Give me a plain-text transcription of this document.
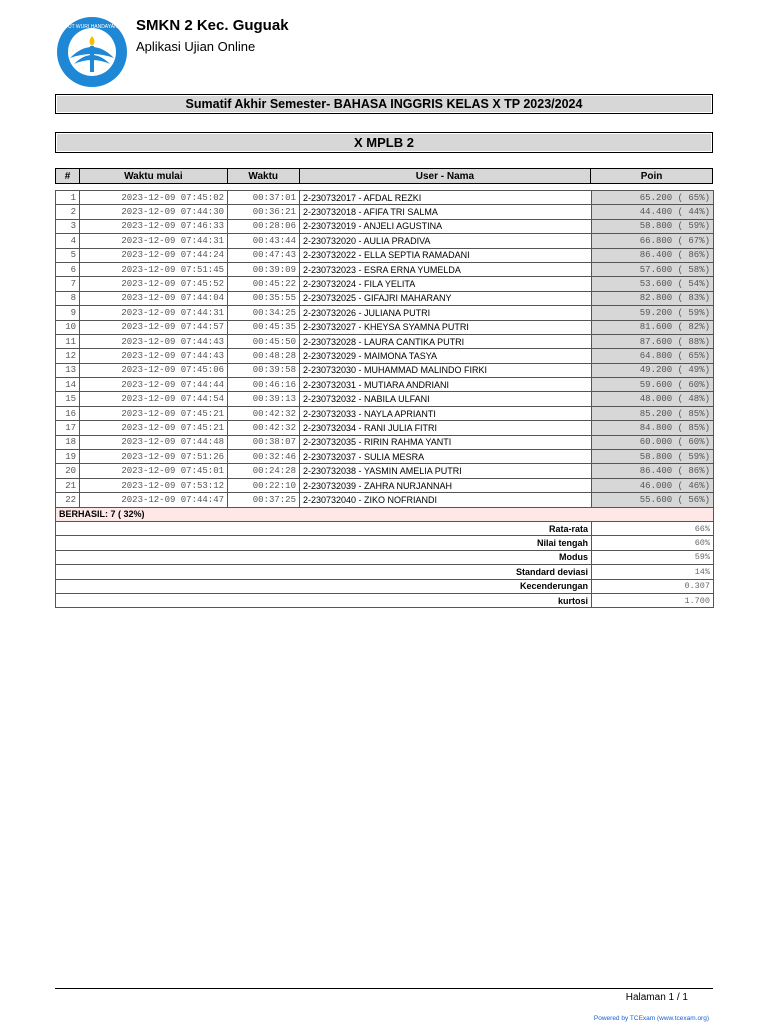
TUT WURI HANDAYANI SMKN 2 Kec. Guguak
Aplikasi Ujian Online
Sumatif Akhir Semester- BAHASA INGGRIS KELAS X TP 2023/2024
X MPLB 2
#	Waktu mulai	Waktu	User - Nama	Poin
1	2023-12-09 07:45:02	00:37:01	2-230732017 - AFDAL REZKI	65.200 ( 65%)
2	2023-12-09 07:44:30	00:36:21	2-230732018 - AFIFA TRI SALMA	44.400 ( 44%)
3	2023-12-09 07:46:33	00:28:06	2-230732019 - ANJELI AGUSTINA	58.800 ( 59%)
4	2023-12-09 07:44:31	00:43:44	2-230732020 - AULIA PRADIVA	66.800 ( 67%)
5	2023-12-09 07:44:24	00:47:43	2-230732022 - ELLA SEPTIA RAMADANI	86.400 ( 86%)
6	2023-12-09 07:51:45	00:39:09	2-230732023 - ESRA ERNA YUMELDA	57.600 ( 58%)
7	2023-12-09 07:45:52	00:45:22	2-230732024 - FILA YELITA	53.600 ( 54%)
8	2023-12-09 07:44:04	00:35:55	2-230732025 - GIFAJRI MAHARANY	82.800 ( 83%)
9	2023-12-09 07:44:31	00:34:25	2-230732026 - JULIANA PUTRI	59.200 ( 59%)
10	2023-12-09 07:44:57	00:45:35	2-230732027 - KHEYSA SYAMNA PUTRI	81.600 ( 82%)
11	2023-12-09 07:44:43	00:45:50	2-230732028 - LAURA CANTIKA PUTRI	87.600 ( 88%)
12	2023-12-09 07:44:43	00:48:28	2-230732029 - MAIMONA TASYA	64.800 ( 65%)
13	2023-12-09 07:45:06	00:39:58	2-230732030 - MUHAMMAD MALINDO FIRKI	49.200 ( 49%)
14	2023-12-09 07:44:44	00:46:16	2-230732031 - MUTIARA ANDRIANI	59.600 ( 60%)
15	2023-12-09 07:44:54	00:39:13	2-230732032 - NABILA ULFANI	48.000 ( 48%)
16	2023-12-09 07:45:21	00:42:32	2-230732033 - NAYLA APRIANTI	85.200 ( 85%)
17	2023-12-09 07:45:21	00:42:32	2-230732034 - RANI JULIA FITRI	84.800 ( 85%)
18	2023-12-09 07:44:48	00:38:07	2-230732035 - RIRIN RAHMA YANTI	60.000 ( 60%)
19	2023-12-09 07:51:26	00:32:46	2-230732037 - SULIA MESRA	58.800 ( 59%)
20	2023-12-09 07:45:01	00:24:28	2-230732038 - YASMIN AMELIA PUTRI	86.400 ( 86%)
21	2023-12-09 07:53:12	00:22:10	2-230732039 - ZAHRA NURJANNAH	46.000 ( 46%)
22	2023-12-09 07:44:47	00:37:25	2-230732040 - ZIKO NOFRIANDI	55.600 ( 56%)
BERHASIL: 7 ( 32%)				
Rata-rata				66%
Nilai tengah				60%
Modus				59%
Standard deviasi				14%
Kecenderungan				0.307
kurtosi				1.700
Halaman 1 / 1
Powered by TCExam (www.tcexam.org)
